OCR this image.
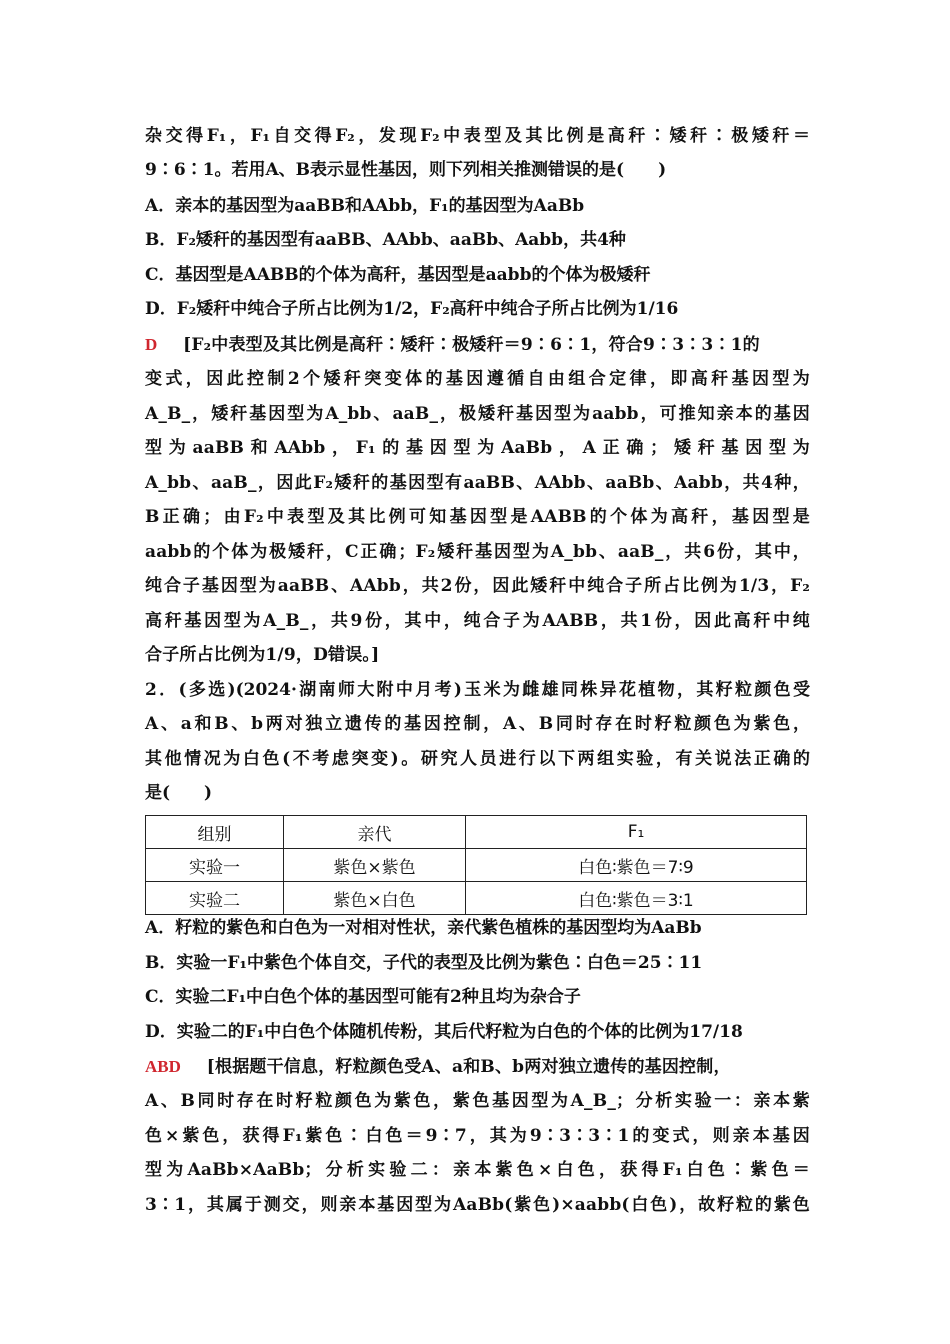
杂交得F₁，F₁自交得F₂，发现F₂中表型及其比例是高秆∶矮秆∶极矮秆＝
9∶6∶1。若用A、B表示显性基因，则下列相关推测错误的是(　　)
A．亲本的基因型为aaBB和AAbb，F₁的基因型为AaBb
B．F₂矮秆的基因型有aaBB、AAbb、aaBb、Aabb，共4种
C．基因型是AABB的个体为高秆，基因型是aabb的个体为极矮秆
D．F₂矮秆中纯合子所占比例为1/2，F₂高秆中纯合子所占比例为1/16
D [F₂中表型及其比例是高秆∶矮秆∶极矮秆＝9∶6∶1，符合9∶3∶3∶1的
变式，因此控制2个矮秆突变体的基因遵循自由组合定律，即高秆基因型为
A_B_，矮秆基因型为A_bb、aaB_，极矮秆基因型为aabb，可推知亲本的基因
型为aaBB和AAbb，F₁的基因型为AaBb，A正确；矮秆基因型为
A_bb、aaB_，因此F₂矮秆的基因型有aaBB、AAbb、aaBb、Aabb，共4种，
B正确；由F₂中表型及其比例可知基因型是AABB的个体为高秆，基因型是
aabb的个体为极矮秆，C正确；F₂矮秆基因型为A_bb、aaB_，共6份，其中，
纯合子基因型为aaBB、AAbb，共2份，因此矮秆中纯合子所占比例为1/3，F₂
高秆基因型为A_B_，共9份，其中，纯合子为AABB，共1份，因此高秆中纯
合子所占比例为1/9，D错误。]
2．(多选)(2024·湖南师大附中月考)玉米为雌雄同株异花植物，其籽粒颜色受
A、a和B、b两对独立遗传的基因控制，A、B同时存在时籽粒颜色为紫色，
其他情况为白色(不考虑突变)。研究人员进行以下两组实验，有关说法正确的
是(　　)
组别	亲代	F₁
实验一	紫色×紫色	白色∶紫色＝7∶9
实验二	紫色×白色	白色∶紫色＝3∶1
A．籽粒的紫色和白色为一对相对性状，亲代紫色植株的基因型均为AaBb
B．实验一F₁中紫色个体自交，子代的表型及比例为紫色∶白色＝25∶11
C．实验二F₁中白色个体的基因型可能有2种且均为杂合子
D．实验二的F₁中白色个体随机传粉，其后代籽粒为白色的个体的比例为17/18
ABD [根据题干信息，籽粒颜色受A、a和B、b两对独立遗传的基因控制，
A、B同时存在时籽粒颜色为紫色，紫色基因型为A_B_；分析实验一：亲本紫
色×紫色，获得F₁紫色∶白色＝9∶7，其为9∶3∶3∶1的变式，则亲本基因
型为AaBb×AaBb；分析实验二：亲本紫色×白色，获得F₁白色∶紫色＝
3∶1，其属于测交，则亲本基因型为AaBb(紫色)×aabb(白色)，故籽粒的紫色
